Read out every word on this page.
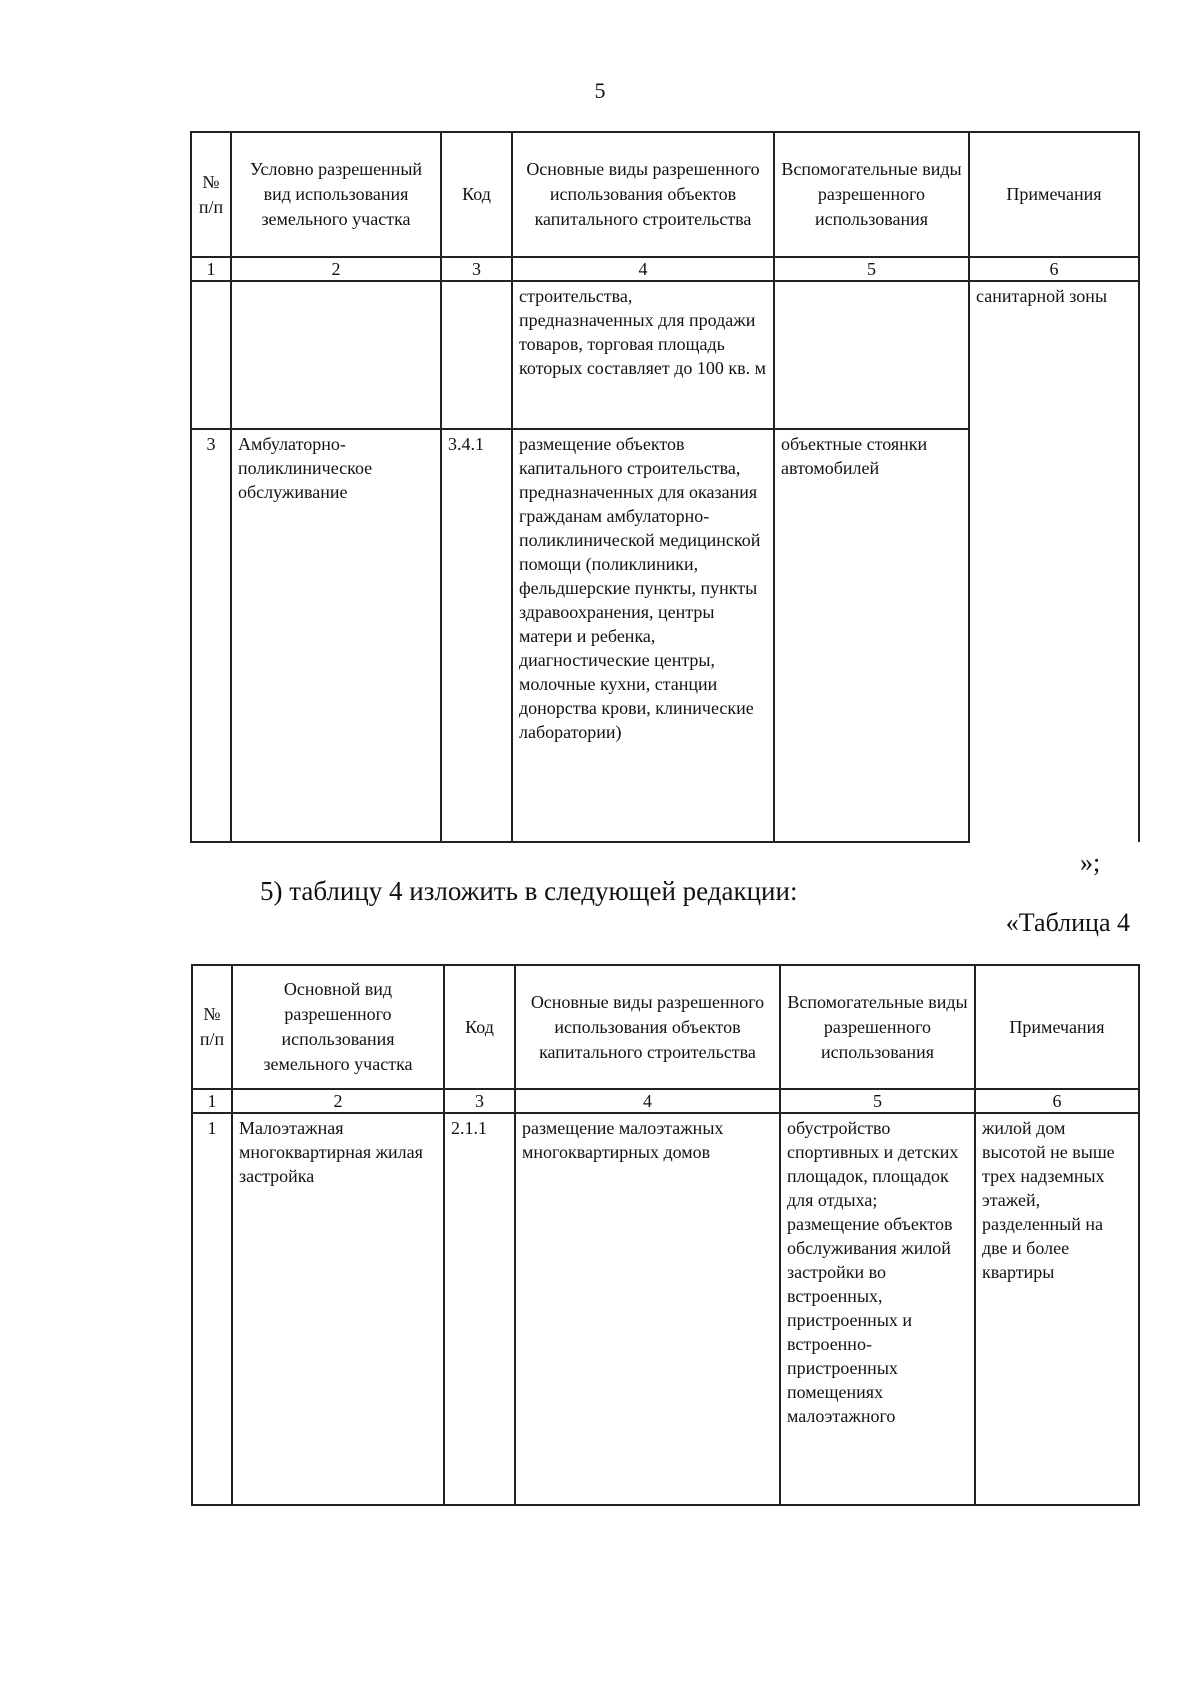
5
№ п/п	Условно разрешенный вид использования земельного участка	Код	Основные виды разрешенного использования объектов капитального строительства	Вспомогательные виды разрешенного использования	Примечания
1	2	3	4	5	6
			строительства, предназначенных для продажи товаров, торговая площадь которых составляет до 100 кв. м		санитарной зоны
3	Амбулаторно-поликлиническое обслуживание	3.4.1	размещение объектов капитального строительства, предназначенных для оказания гражданам амбулаторно-поликлинической медицинской помощи (поликлиники, фельдшерские пункты, пункты здравоохранения, центры матери и ребенка, диагностические центры, молочные кухни, станции донорства крови, клинические лаборатории)	объектные стоянки автомобилей	
»;
5) таблицу 4 изложить в следующей редакции:
«Таблица 4
№ п/п	Основной вид разрешенного использования земельного участка	Код	Основные виды разрешенного использования объектов капитального строительства	Вспомогательные виды разрешенного использования	Примечания
1	2	3	4	5	6
1	Малоэтажная многоквартирная жилая застройка	2.1.1	размещение малоэтажных многоквартирных домов	обустройство спортивных и детских площадок, площадок для отдыха; размещение объектов обслуживания жилой застройки во встроенных, пристроенных и встроенно-пристроенных помещениях малоэтажного	жилой дом высотой не выше трех надземных этажей, разделенный на две и более квартиры
